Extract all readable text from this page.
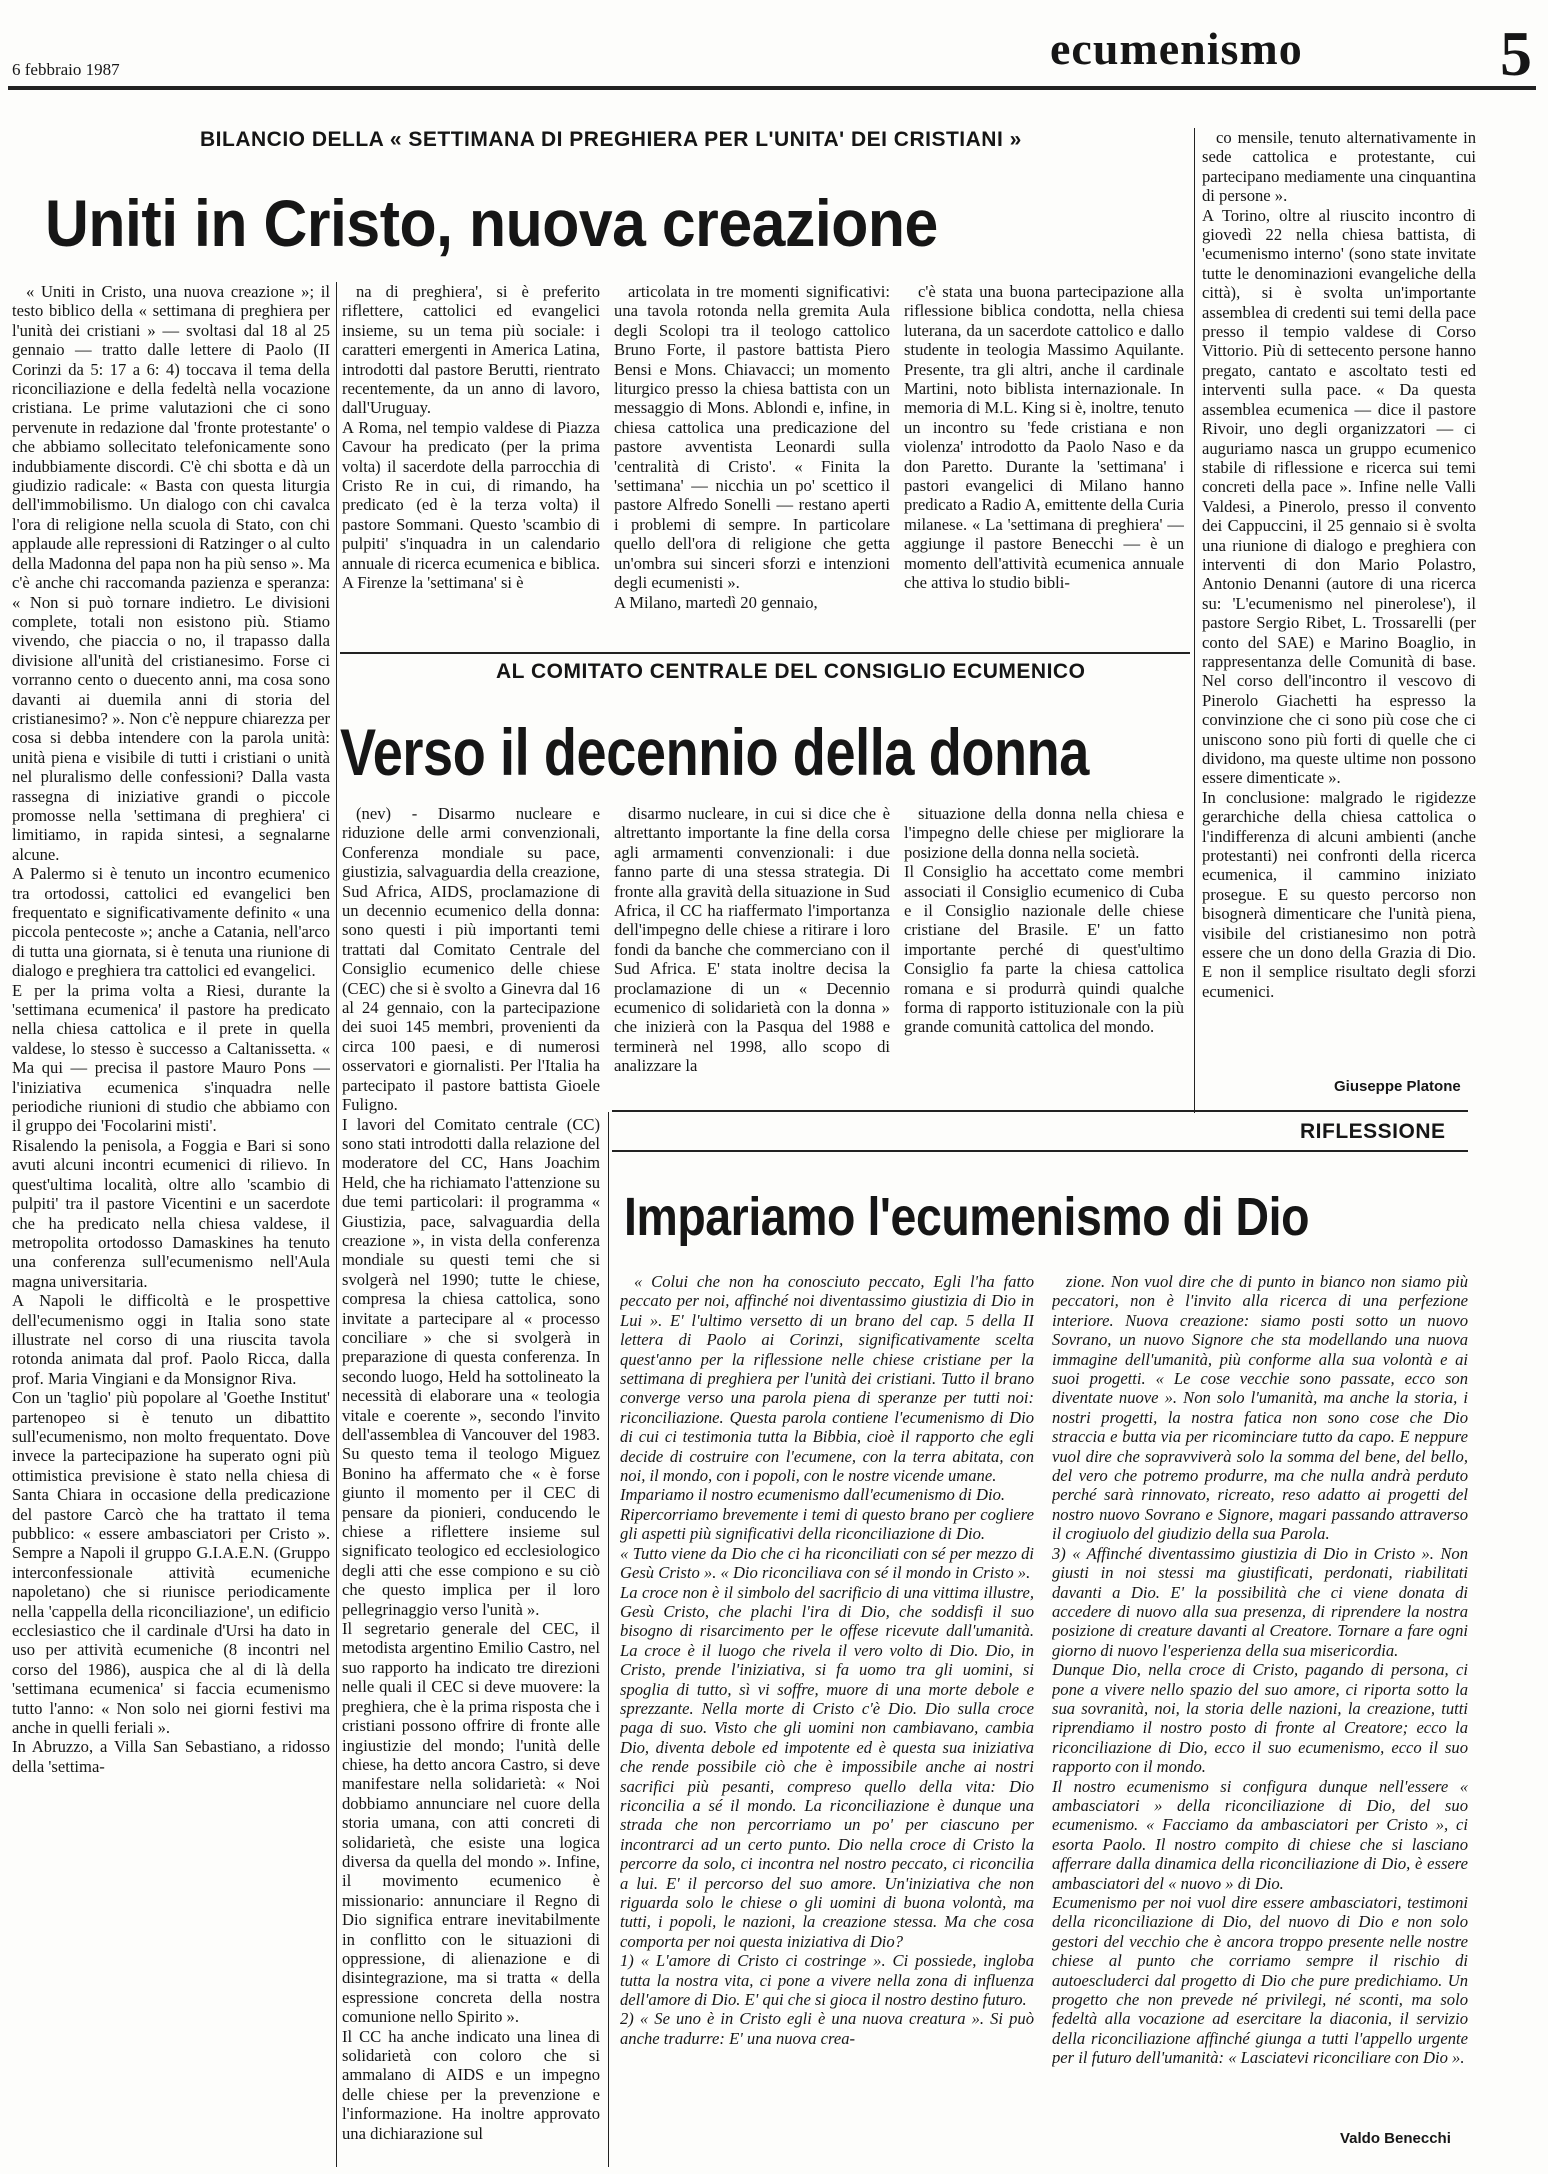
6 febbraio 1987	ecumenismo	5
BILANCIO DELLA « SETTIMANA DI PREGHIERA PER L'UNITA' DEI CRISTIANI »
Uniti in Cristo, nuova creazione

« Uniti in Cristo, una nuova creazione »; il testo biblico della « settimana di preghiera per l'unità dei cristiani » — svoltasi dal 18 al 25 gennaio — tratto dalle lettere di Paolo (II Corinzi da 5: 17 a 6: 4) toccava il tema della riconciliazione e della fedeltà nella vocazione cristiana. Le prime valutazioni che ci sono pervenute in redazione dal 'fronte protestante' o che abbiamo sollecitato telefonicamente sono indubbiamente discordi. C'è chi sbotta e dà un giudizio radicale: « Basta con questa liturgia dell'immobilismo. Un dialogo con chi cavalca l'ora di religione nella scuola di Stato, con chi applaude alle repressioni di Ratzinger o al culto della Madonna del papa non ha più senso ». Ma c'è anche chi raccomanda pazienza e speranza: « Non si può tornare indietro. Le divisioni complete, totali non esistono più. Stiamo vivendo, che piaccia o no, il trapasso dalla divisione all'unità del cristianesimo. Forse ci vorranno cento o duecento anni, ma cosa sono davanti ai duemila anni di storia del cristianesimo? ». Non c'è neppure chiarezza per cosa si debba intendere con la parola unità: unità piena e visibile di tutti i cristiani o unità nel pluralismo delle confessioni? Dalla vasta rassegna di iniziative grandi o piccole promosse nella 'settimana di preghiera' ci limitiamo, in rapida sintesi, a segnalarne alcune.
A Palermo si è tenuto un incontro ecumenico tra ortodossi, cattolici ed evangelici ben frequentato e significativamente definito « una piccola pentecoste »; anche a Catania, nell'arco di tutta una giornata, si è tenuta una riunione di dialogo e preghiera tra cattolici ed evangelici.
E per la prima volta a Riesi, durante la 'settimana ecumenica' il pastore ha predicato nella chiesa cattolica e il prete in quella valdese, lo stesso è successo a Caltanissetta. « Ma qui — precisa il pastore Mauro Pons — l'iniziativa ecumenica s'inquadra nelle periodiche riunioni di studio che abbiamo con il gruppo dei 'Focolarini misti'.
Risalendo la penisola, a Foggia e Bari si sono avuti alcuni incontri ecumenici di rilievo. In quest'ultima località, oltre allo 'scambio di pulpiti' tra il pastore Vicentini e un sacerdote che ha predicato nella chiesa valdese, il metropolita ortodosso Damaskines ha tenuto una conferenza sull'ecumenismo nell'Aula magna universitaria.
A Napoli le difficoltà e le prospettive dell'ecumenismo oggi in Italia sono state illustrate nel corso di una riuscita tavola rotonda animata dal prof. Paolo Ricca, dalla prof. Maria Vingiani e da Monsignor Riva.
Con un 'taglio' più popolare al 'Goethe Institut' partenopeo si è tenuto un dibattito sull'ecumenismo, non molto frequentato. Dove invece la partecipazione ha superato ogni più ottimistica previsione è stato nella chiesa di Santa Chiara in occasione della predicazione del pastore Carcò che ha trattato il tema pubblico: « essere ambasciatori per Cristo ». Sempre a Napoli il gruppo G.I.A.E.N. (Gruppo interconfessionale attività ecumeniche napoletano) che si riunisce periodicamente nella 'cappella della riconciliazione', un edificio ecclesiastico che il cardinale d'Ursi ha dato in uso per attività ecumeniche (8 incontri nel corso del 1986), auspica che al di là della 'settimana ecumenica' si faccia ecumenismo tutto l'anno: « Non solo nei giorni festivi ma anche in quelli feriali ».
In Abruzzo, a Villa San Sebastiano, a ridosso della 'settima-

na di preghiera', si è preferito riflettere, cattolici ed evangelici insieme, su un tema più sociale: i caratteri emergenti in America Latina, introdotti dal pastore Berutti, rientrato recentemente, da un anno di lavoro, dall'Uruguay.
A Roma, nel tempio valdese di Piazza Cavour ha predicato (per la prima volta) il sacerdote della parrocchia di Cristo Re in cui, di rimando, ha predicato (ed è la terza volta) il pastore Sommani. Questo 'scambio di pulpiti' s'inquadra in un calendario annuale di ricerca ecumenica e biblica.
A Firenze la 'settimana' si è

articolata in tre momenti significativi: una tavola rotonda nella gremita Aula degli Scolopi tra il teologo cattolico Bruno Forte, il pastore battista Piero Bensi e Mons. Chiavacci; un momento liturgico presso la chiesa battista con un messaggio di Mons. Ablondi e, infine, in chiesa cattolica una predicazione del pastore avventista Leonardi sulla 'centralità di Cristo'. « Finita la 'settimana' — nicchia un po' scettico il pastore Alfredo Sonelli — restano aperti i problemi di sempre. In particolare quello dell'ora di religione che getta un'ombra sui sinceri sforzi e intenzioni degli ecumenisti ».
A Milano, martedì 20 gennaio,

c'è stata una buona partecipazione alla riflessione biblica condotta, nella chiesa luterana, da un sacerdote cattolico e dallo studente in teologia Massimo Aquilante. Presente, tra gli altri, anche il cardinale Martini, noto biblista internazionale. In memoria di M.L. King si è, inoltre, tenuto un incontro su 'fede cristiana e non violenza' introdotto da Paolo Naso e da don Paretto. Durante la 'settimana' i pastori evangelici di Milano hanno predicato a Radio A, emittente della Curia milanese. « La 'settimana di preghiera' — aggiunge il pastore Benecchi — è un momento dell'attività ecumenica annuale che attiva lo studio bibli-

co mensile, tenuto alternativamente in sede cattolica e protestante, cui partecipano mediamente una cinquantina di persone ».
A Torino, oltre al riuscito incontro di giovedì 22 nella chiesa battista, di 'ecumenismo interno' (sono state invitate tutte le denominazioni evangeliche della città), si è svolta un'importante assemblea di credenti sui temi della pace presso il tempio valdese di Corso Vittorio. Più di settecento persone hanno pregato, cantato e ascoltato testi ed interventi sulla pace. « Da questa assemblea ecumenica — dice il pastore Rivoir, uno degli organizzatori — ci auguriamo nasca un gruppo ecumenico stabile di riflessione e ricerca sui temi concreti della pace ». Infine nelle Valli Valdesi, a Pinerolo, presso il convento dei Cappuccini, il 25 gennaio si è svolta una riunione di dialogo e preghiera con interventi di don Mario Polastro, Antonio Denanni (autore di una ricerca su: 'L'ecumenismo nel pinerolese'), il pastore Sergio Ribet, L. Trossarelli (per conto del SAE) e Marino Boaglio, in rappresentanza delle Comunità di base. Nel corso dell'incontro il vescovo di Pinerolo Giachetti ha espresso la convinzione che ci sono più cose che ci uniscono sono più forti di quelle che ci dividono, ma queste ultime non possono essere dimenticate ».
In conclusione: malgrado le rigidezze gerarchiche della chiesa cattolica o l'indifferenza di alcuni ambienti (anche protestanti) nei confronti della ricerca ecumenica, il cammino iniziato prosegue. E su questo percorso non bisognerà dimenticare che l'unità piena, visibile del cristianesimo non potrà essere che un dono della Grazia di Dio. E non il semplice risultato degli sforzi ecumenici.

Giuseppe Platone
AL COMITATO CENTRALE DEL CONSIGLIO ECUMENICO
Verso il decennio della donna

(nev) - Disarmo nucleare e riduzione delle armi convenzionali, Conferenza mondiale su pace, giustizia, salvaguardia della creazione, Sud Africa, AIDS, proclamazione di un decennio ecumenico della donna: sono questi i più importanti temi trattati dal Comitato Centrale del Consiglio ecumenico delle chiese (CEC) che si è svolto a Ginevra dal 16 al 24 gennaio, con la partecipazione dei suoi 145 membri, provenienti da circa 100 paesi, e di numerosi osservatori e giornalisti. Per l'Italia ha partecipato il pastore battista Gioele Fuligno.
I lavori del Comitato centrale (CC) sono stati introdotti dalla relazione del moderatore del CC, Hans Joachim Held, che ha richiamato l'attenzione su due temi particolari: il programma « Giustizia, pace, salvaguardia della creazione », in vista della conferenza mondiale su questi temi che si svolgerà nel 1990; tutte le chiese, compresa la chiesa cattolica, sono invitate a partecipare al « processo conciliare » che si svolgerà in preparazione di questa conferenza. In secondo luogo, Held ha sottolineato la necessità di elaborare una « teologia vitale e coerente », secondo l'invito dell'assemblea di Vancouver del 1983. Su questo tema il teologo Miguez Bonino ha affermato che « è forse giunto il momento per il CEC di pensare da pionieri, conducendo le chiese a riflettere insieme sul significato teologico ed ecclesiologico degli atti che esse compiono e su ciò che questo implica per il loro pellegrinaggio verso l'unità ».
Il segretario generale del CEC, il metodista argentino Emilio Castro, nel suo rapporto ha indicato tre direzioni nelle quali il CEC si deve muovere: la preghiera, che è la prima risposta che i cristiani possono offrire di fronte alle ingiustizie del mondo; l'unità delle chiese, ha detto ancora Castro, si deve manifestare nella solidarietà: « Noi dobbiamo annunciare nel cuore della storia umana, con atti concreti di solidarietà, che esiste una logica diversa da quella del mondo ». Infine, il movimento ecumenico è missionario: annunciare il Regno di Dio significa entrare inevitabilmente in conflitto con le situazioni di oppressione, di alienazione e di disintegrazione, ma si tratta « della espressione concreta della nostra comunione nello Spirito ».
Il CC ha anche indicato una linea di solidarietà con coloro che si ammalano di AIDS e un impegno delle chiese per la prevenzione e l'informazione. Ha inoltre approvato una dichiarazione sul

disarmo nucleare, in cui si dice che è altrettanto importante la fine della corsa agli armamenti convenzionali: i due fanno parte di una stessa strategia. Di fronte alla gravità della situazione in Sud Africa, il CC ha riaffermato l'importanza dell'impegno delle chiese a ritirare i loro fondi da banche che commerciano con il Sud Africa. E' stata inoltre decisa la proclamazione di un « Decennio ecumenico di solidarietà con la donna » che inizierà con la Pasqua del 1988 e terminerà nel 1998, allo scopo di analizzare la

situazione della donna nella chiesa e l'impegno delle chiese per migliorare la posizione della donna nella società.
Il Consiglio ha accettato come membri associati il Consiglio ecumenico di Cuba e il Consiglio nazionale delle chiese cristiane del Brasile. E' un fatto importante perché di quest'ultimo Consiglio fa parte la chiesa cattolica romana e si produrrà quindi qualche forma di rapporto istituzionale con la più grande comunità cattolica del mondo.

RIFLESSIONE
Impariamo l'ecumenismo di Dio

« Colui che non ha conosciuto peccato, Egli l'ha fatto peccato per noi, affinché noi diventassimo giustizia di Dio in Lui ». E' l'ultimo versetto di un brano del cap. 5 della II lettera di Paolo ai Corinzi, significativamente scelta quest'anno per la riflessione nelle chiese cristiane per la settimana di preghiera per l'unità dei cristiani. Tutto il brano converge verso una parola piena di speranze per tutti noi: riconciliazione. Questa parola contiene l'ecumenismo di Dio di cui ci testimonia tutta la Bibbia, cioè il rapporto che egli decide di costruire con l'ecumene, con la terra abitata, con noi, il mondo, con i popoli, con le nostre vicende umane.
Impariamo il nostro ecumenismo dall'ecumenismo di Dio.
Ripercorriamo brevemente i temi di questo brano per cogliere gli aspetti più significativi della riconciliazione di Dio.
« Tutto viene da Dio che ci ha riconciliati con sé per mezzo di Gesù Cristo ». « Dio riconciliava con sé il mondo in Cristo ».
La croce non è il simbolo del sacrificio di una vittima illustre, Gesù Cristo, che plachi l'ira di Dio, che soddisfi il suo bisogno di risarcimento per le offese ricevute dall'umanità. La croce è il luogo che rivela il vero volto di Dio. Dio, in Cristo, prende l'iniziativa, si fa uomo tra gli uomini, si spoglia di tutto, sì vi soffre, muore di una morte debole e sprezzante. Nella morte di Cristo c'è Dio. Dio sulla croce paga di suo. Visto che gli uomini non cambiavano, cambia Dio, diventa debole ed impotente ed è questa sua iniziativa che rende possibile ciò che è impossibile anche ai nostri sacrifici più pesanti, compreso quello della vita: Dio riconcilia a sé il mondo. La riconciliazione è dunque una strada che non percorriamo un po' per ciascuno per incontrarci ad un certo punto. Dio nella croce di Cristo la percorre da solo, ci incontra nel nostro peccato, ci riconcilia a lui. E' il percorso del suo amore. Un'iniziativa che non riguarda solo le chiese o gli uomini di buona volontà, ma tutti, i popoli, le nazioni, la creazione stessa. Ma che cosa comporta per noi questa iniziativa di Dio?
1) « L'amore di Cristo ci costringe ». Ci possiede, ingloba tutta la nostra vita, ci pone a vivere nella zona di influenza dell'amore di Dio. E' qui che si gioca il nostro destino futuro.
2) « Se uno è in Cristo egli è una nuova creatura ». Si può anche tradurre: E' una nuova crea-

zione. Non vuol dire che di punto in bianco non siamo più peccatori, non è l'invito alla ricerca di una perfezione interiore. Nuova creazione: siamo posti sotto un nuovo Sovrano, un nuovo Signore che sta modellando una nuova immagine dell'umanità, più conforme alla sua volontà e ai suoi progetti. « Le cose vecchie sono passate, ecco son diventate nuove ». Non solo l'umanità, ma anche la storia, i nostri progetti, la nostra fatica non sono cose che Dio straccia e butta via per ricominciare tutto da capo. E neppure vuol dire che sopravviverà solo la somma del bene, del bello, del vero che potremo produrre, ma che nulla andrà perduto perché sarà rinnovato, ricreato, reso adatto ai progetti del nostro nuovo Sovrano e Signore, magari passando attraverso il crogiuolo del giudizio della sua Parola.
3) « Affinché diventassimo giustizia di Dio in Cristo ». Non giusti in noi stessi ma giustificati, perdonati, riabilitati davanti a Dio. E' la possibilità che ci viene donata di accedere di nuovo alla sua presenza, di riprendere la nostra posizione di creature davanti al Creatore. Tornare a fare ogni giorno di nuovo l'esperienza della sua misericordia.
Dunque Dio, nella croce di Cristo, pagando di persona, ci pone a vivere nello spazio del suo amore, ci riporta sotto la sua sovranità, noi, la storia delle nazioni, la creazione, tutti riprendiamo il nostro posto di fronte al Creatore; ecco la riconciliazione di Dio, ecco il suo ecumenismo, ecco il suo rapporto con il mondo.
Il nostro ecumenismo si configura dunque nell'essere « ambasciatori » della riconciliazione di Dio, del suo ecumenismo. « Facciamo da ambasciatori per Cristo », ci esorta Paolo. Il nostro compito di chiese che si lasciano afferrare dalla dinamica della riconciliazione di Dio, è essere ambasciatori del « nuovo » di Dio.
Ecumenismo per noi vuol dire essere ambasciatori, testimoni della riconciliazione di Dio, del nuovo di Dio e non solo gestori del vecchio che è ancora troppo presente nelle nostre chiese al punto che corriamo sempre il rischio di autoescluderci dal progetto di Dio che pure predichiamo. Un progetto che non prevede né privilegi, né sconti, ma solo fedeltà alla vocazione ad esercitare la diaconia, il servizio della riconciliazione affinché giunga a tutti l'appello urgente per il futuro dell'umanità: « Lasciatevi riconciliare con Dio ».

Valdo Benecchi
